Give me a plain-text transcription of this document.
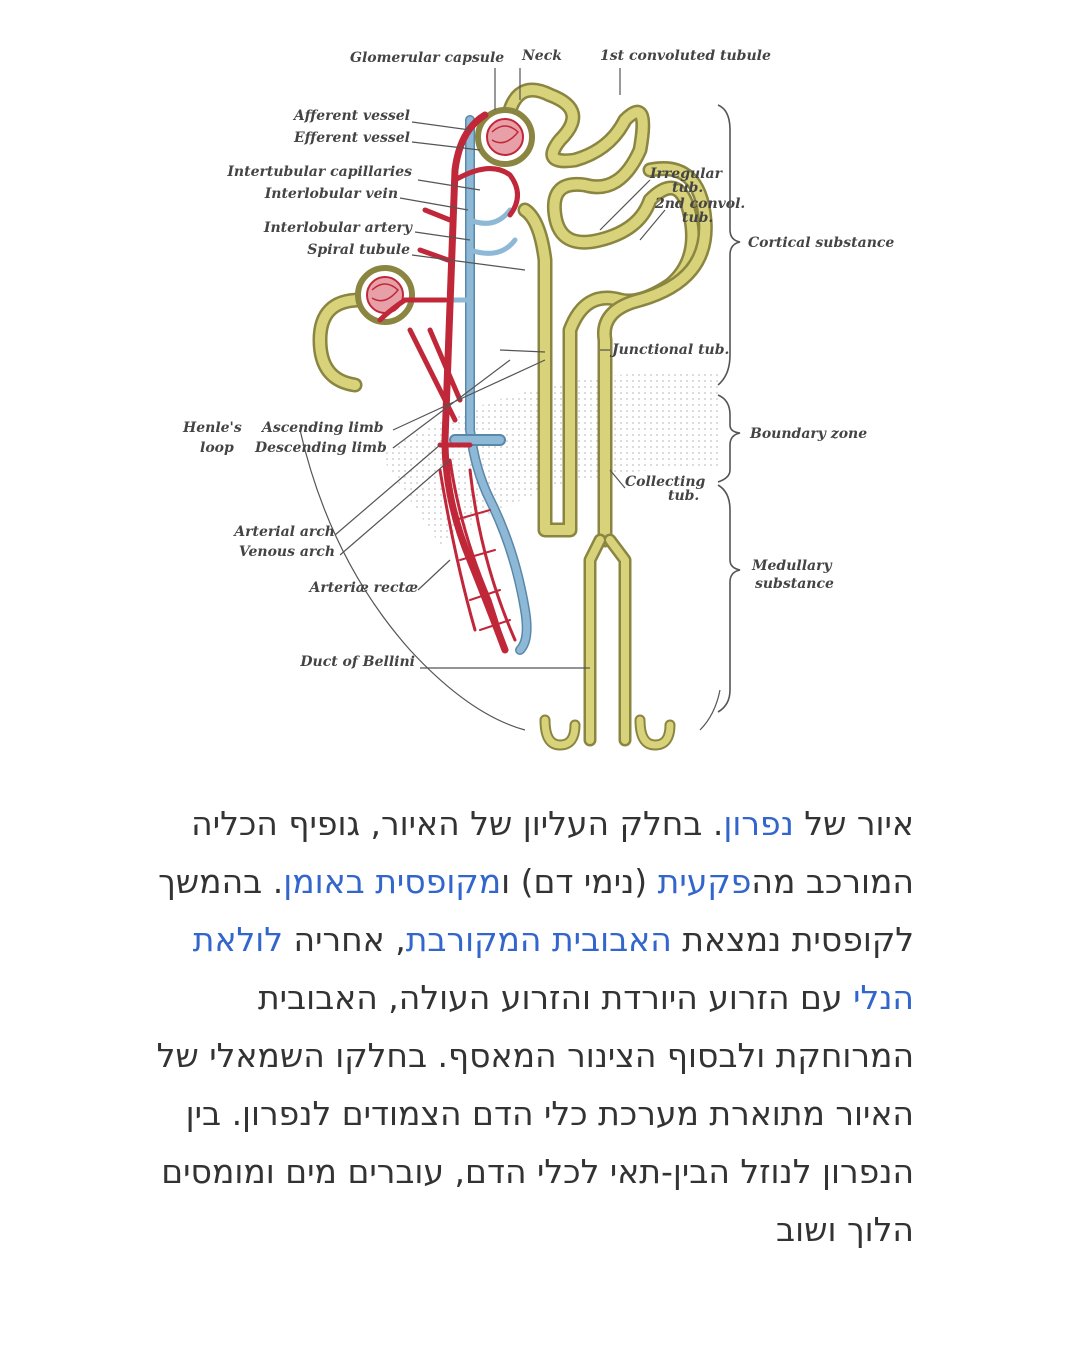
Glomerular capsule Neck	1st convoluted tubule
Afferent vessel
Efferent vessel
Intertubular capillaries
Interlobular vein
Interlobular artery
Spiral tubule
Irregular
tub.
2nd convol.
tub.
Cortical substance
Junctional tub.
Henle's
loop
Ascending limb
Descending limb
Boundary zone
Collecting
tub.
Arterial arch
Venous arch
Arteriæ rectæ
Medullary
substance
Duct of Bellini
איור של נפרון. בחלק העליון של האיור, גופיף הכליה המורכב מהפקעית (נימי דם) ומקופסית באומן. בהמשך לקופסית נמצאת האבובית המקורבת, אחריה לולאת הנלי עם הזרוע היורדת והזרוע העולה, האבובית המרוחקת ולבסוף הצינור המאסף. בחלקו השמאלי של האיור מתוארת מערכת כלי הדם הצמודים לנפרון. בין הנפרון לנוזל הבין-תאי לכלי הדם, עוברים מים ומומסים הלוך ושוב
